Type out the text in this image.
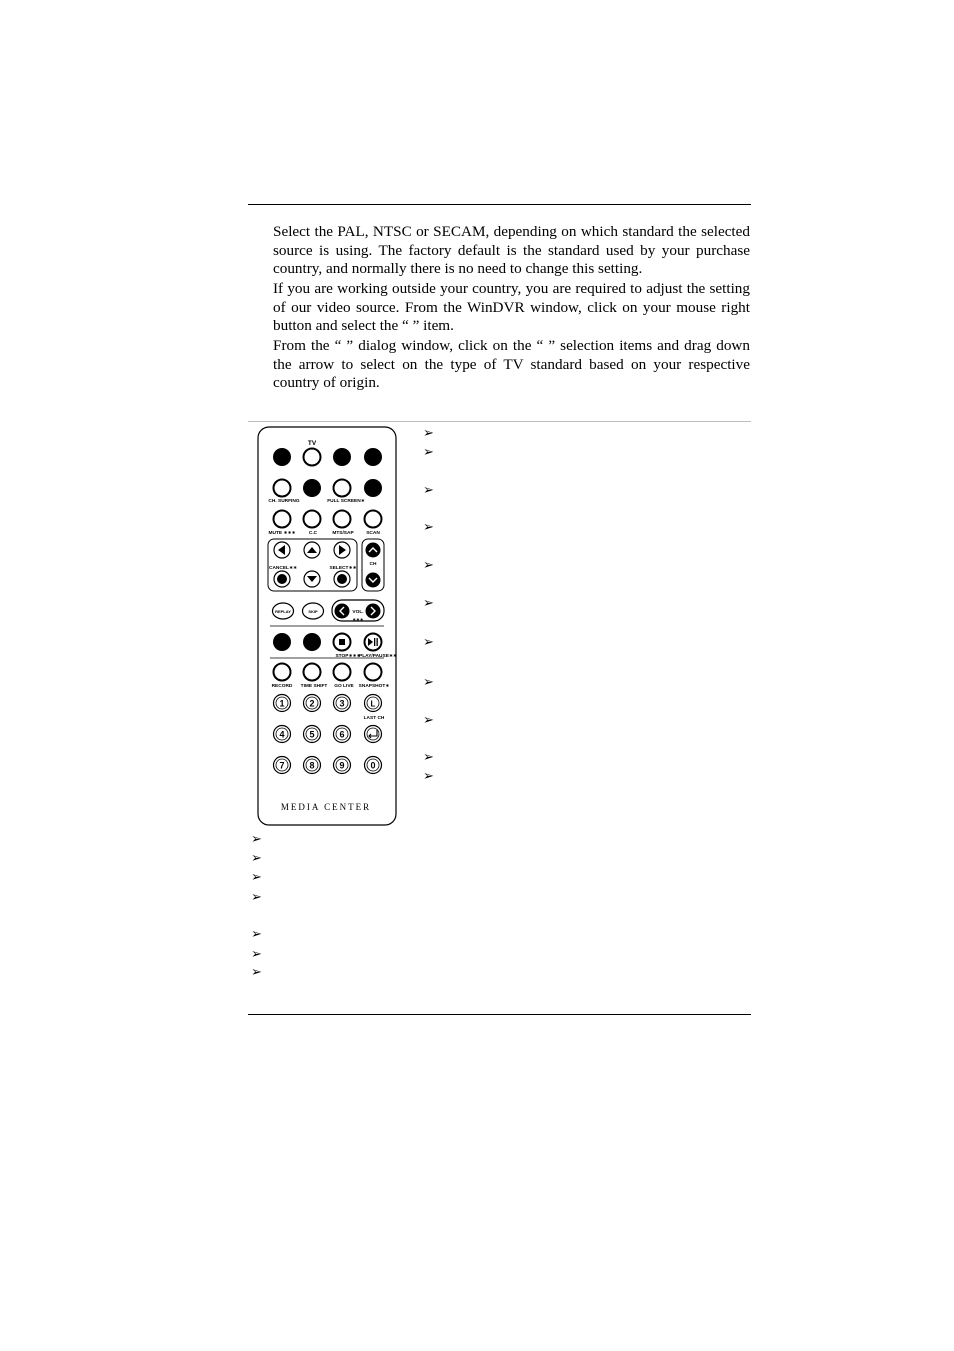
Select the PAL, NTSC or SECAM, depending on which standard the selected source is using. The factory default is the standard used by your purchase country, and normally there is no need to change this setting.

If you are working outside your country, you are required to adjust the setting of our video source. From the WinDVR window, click on your mouse right button and select the “ ” item.

From the “ ” dialog window, click on the “ ” selection items and drag down the arrow to select on the type of TV standard based on your respective country of origin.

TV
CH. SURFING	FULL SCREEN∗
MUTE ∗∗∗	C.C	MTS/SAP	SCAN
CANCEL∗∗	SELECT∗∗
CH
REPLAY	SKIP	VOL.
∗∗∗
STOP∗∗∗
PLAY/PAUSE∗∗
RECORD TIME SHIFT GO LIVE SNAPSHOT∗
1	2	3	L
LAST CH
4	5	6
7	8	9	0
MEDIA CENTER
➢
➢
➢
➢
➢
➢
➢
➢
➢
➢
➢
➢
➢
➢
➢
➢
➢
➢
